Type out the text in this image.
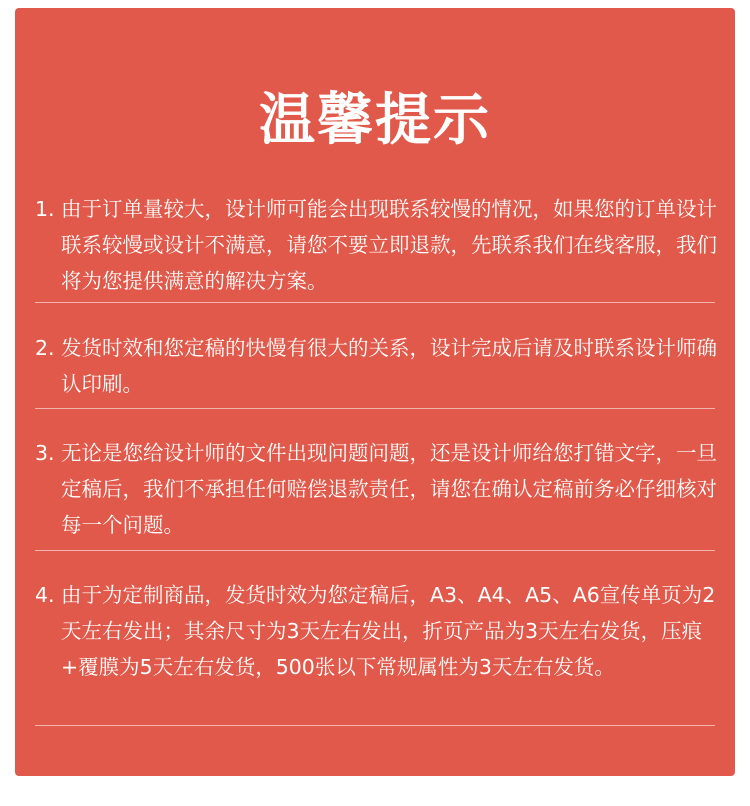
温馨提示
1. 由于订单量较大，设计师可能会出现联系较慢的情况，如果您的订单设计联系较慢或设计不满意，请您不要立即退款，先联系我们在线客服，我们将为您提供满意的解决方案。
2. 发货时效和您定稿的快慢有很大的关系，设计完成后请及时联系设计师确认印刷。
3. 无论是您给设计师的文件出现问题问题，还是设计师给您打错文字，一旦定稿后，我们不承担任何赔偿退款责任，请您在确认定稿前务必仔细核对每一个问题。
4. 由于为定制商品，发货时效为您定稿后，A3、A4、A5、A6宣传单页为2天左右发出；其余尺寸为3天左右发出，折页产品为3天左右发货，压痕+覆膜为5天左右发货，500张以下常规属性为3天左右发货。
